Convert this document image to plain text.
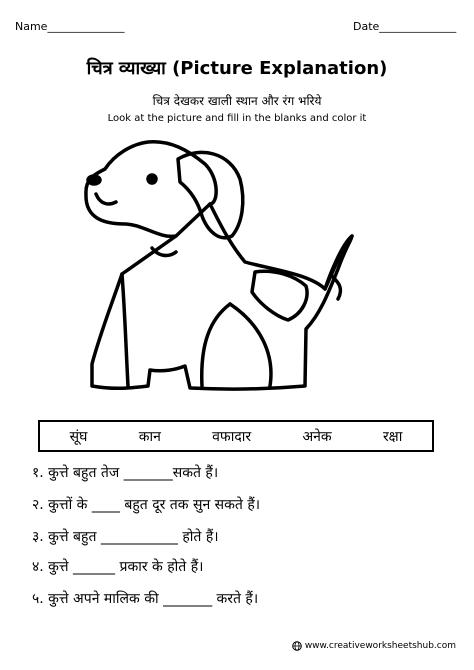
Name______________	Date______________
चित्र व्याख्या (Picture Explanation)
चित्र देखकर खाली स्थान और रंग भरिये
Look at the picture and fill in the blanks and color it
सूंघ	कान	वफादार	अनेक	रक्षा
१. कुत्ते बहुत तेज _______सकते हैं।
२. कुत्तों के ____ बहुत दूर तक सुन सकते हैं।
३. कुत्ते बहुत ___________ होते हैं।
४. कुत्ते ______ प्रकार के होते हैं।
५. कुत्ते अपने मालिक की _______ करते हैं।
www.creativeworksheetshub.com
